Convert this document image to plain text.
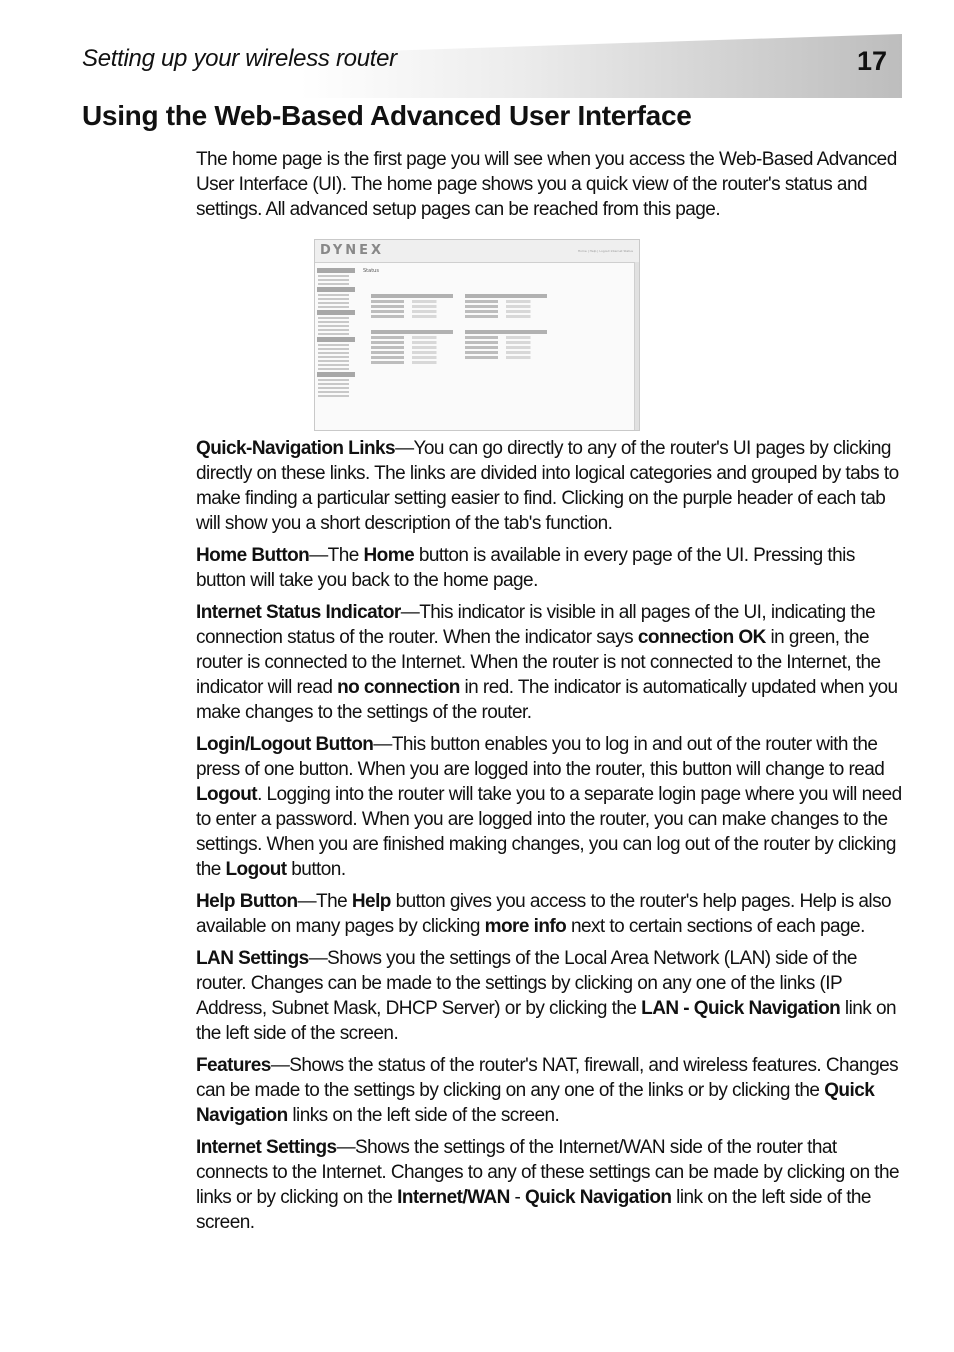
Setting up your wireless router	17
Using the Web-Based Advanced User Interface

The home page is the first page you will see when you access the Web-Based Advanced User Interface (UI). The home page shows you a quick view of the router's status and settings. All advanced setup pages can be reached from this page.

DYNEX	Home | Help | Logout Internet Status
Status

Quick-Navigation Links—You can go directly to any of the router's UI pages by clicking directly on these links. The links are divided into logical categories and grouped by tabs to make finding a particular setting easier to find. Clicking on the purple header of each tab will show you a short description of the tab's function.

Home Button—The Home button is available in every page of the UI. Pressing this button will take you back to the home page.

Internet Status Indicator—This indicator is visible in all pages of the UI, indicating the connection status of the router. When the indicator says connection OK in green, the router is connected to the Internet. When the router is not connected to the Internet, the indicator will read no connection in red. The indicator is automatically updated when you make changes to the settings of the router.

Login/Logout Button—This button enables you to log in and out of the router with the press of one button. When you are logged into the router, this button will change to read Logout. Logging into the router will take you to a separate login page where you will need to enter a password. When you are logged into the router, you can make changes to the settings. When you are finished making changes, you can log out of the router by clicking the Logout button.

Help Button—The Help button gives you access to the router's help pages. Help is also available on many pages by clicking more info next to certain sections of each page.

LAN Settings—Shows you the settings of the Local Area Network (LAN) side of the router. Changes can be made to the settings by clicking on any one of the links (IP Address, Subnet Mask, DHCP Server) or by clicking the LAN - Quick Navigation link on the left side of the screen.

Features—Shows the status of the router's NAT, firewall, and wireless features. Changes can be made to the settings by clicking on any one of the links or by clicking the Quick Navigation links on the left side of the screen.

Internet Settings—Shows the settings of the Internet/WAN side of the router that connects to the Internet. Changes to any of these settings can be made by clicking on the links or by clicking on the Internet/WAN - Quick Navigation link on the left side of the screen.
